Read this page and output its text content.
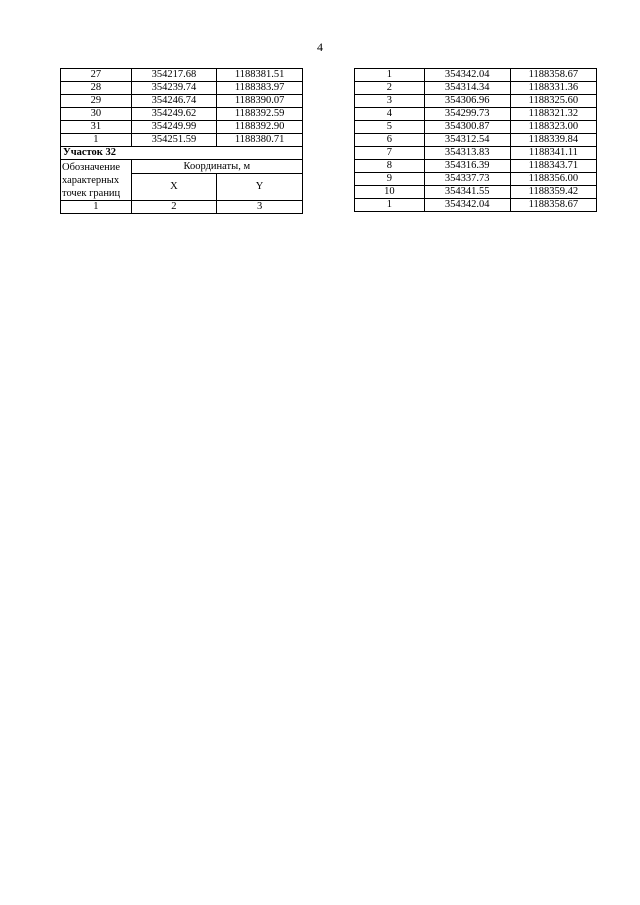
4
27	354217.68	1188381.51
28	354239.74	1188383.97
29	354246.74	1188390.07
30	354249.62	1188392.59
31	354249.99	1188392.90
1	354251.59	1188380.71
Участок 32		

Обозначение
характерных
точек границ	Координаты, м	
	X	Y
1	2	3
1	354342.04	1188358.67
2	354314.34	1188331.36
3	354306.96	1188325.60
4	354299.73	1188321.32
5	354300.87	1188323.00
6	354312.54	1188339.84
7	354313.83	1188341.11
8	354316.39	1188343.71
9	354337.73	1188356.00
10	354341.55	1188359.42
1	354342.04	1188358.67
